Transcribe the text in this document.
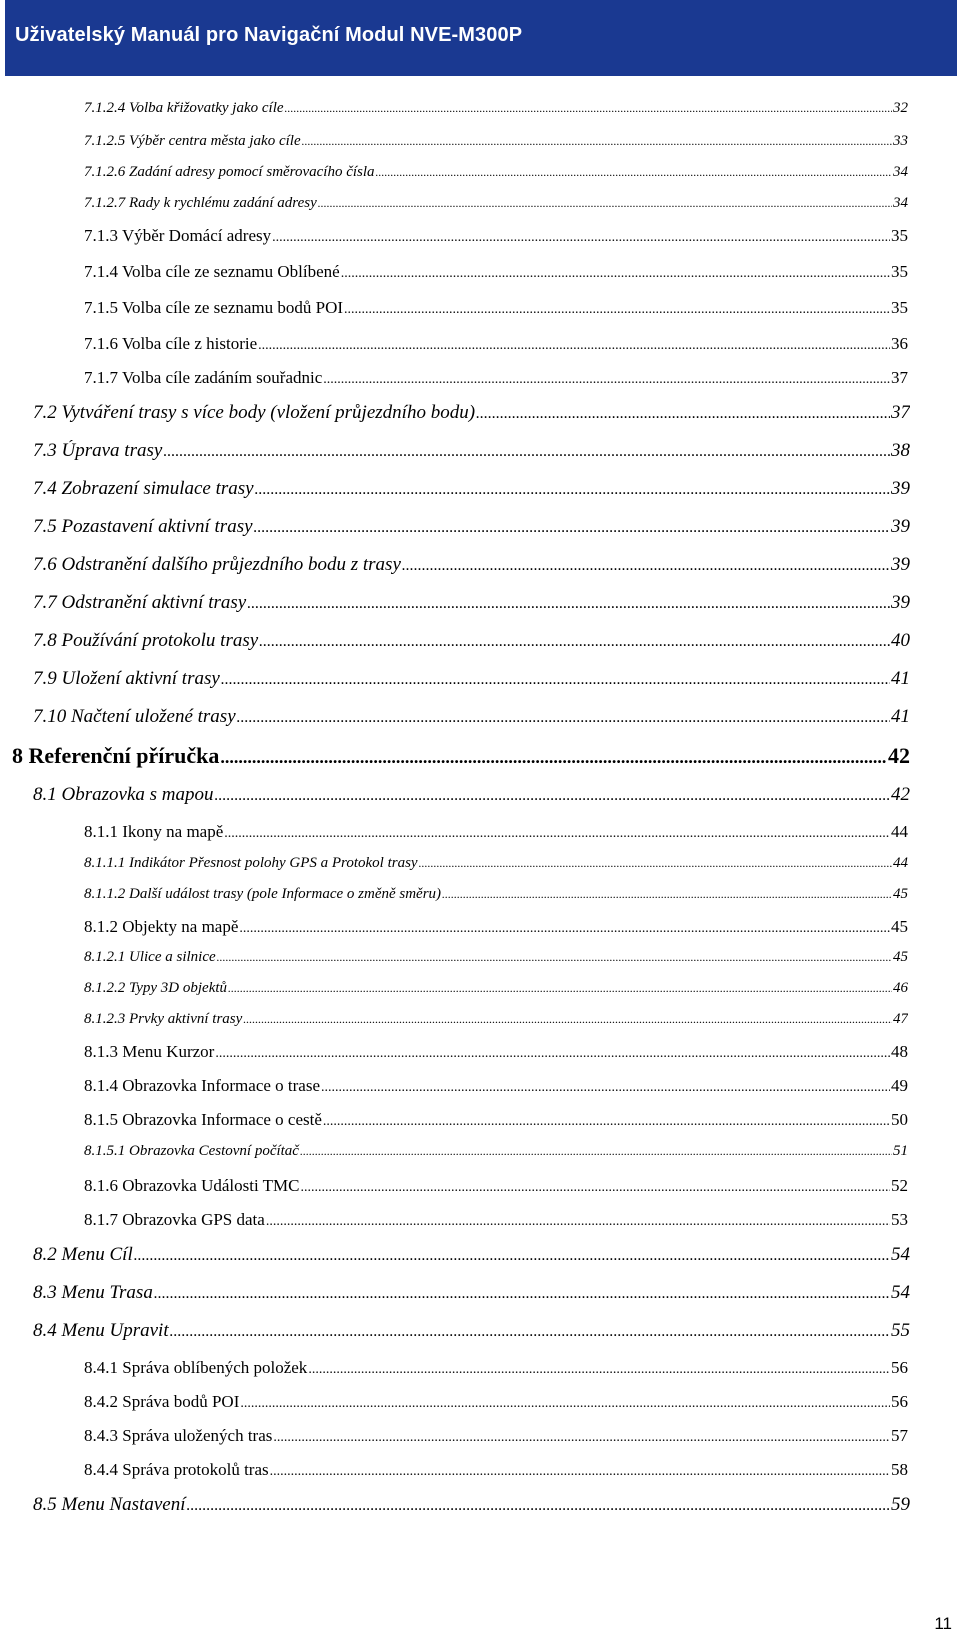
Uživatelský Manuál pro Navigační Modul NVE-M300P
7.1.2.4 Volba křižovatky jako cíle .....	32
7.1.2.5 Výběr centra města jako cíle .....	33
7.1.2.6 Zadání adresy pomocí směrovacího čísla .....	34
7.1.2.7 Rady k rychlému zadání adresy .....	34
7.1.3 Výběr Domácí adresy .....	35
7.1.4 Volba cíle ze seznamu Oblíbené .....	35
7.1.5 Volba cíle ze seznamu bodů POI .....	35
7.1.6 Volba cíle z historie .....	36
7.1.7 Volba cíle zadáním souřadnic .....	37
7.2 Vytváření trasy s více body (vložení průjezdního bodu) .....	37
7.3 Úprava trasy .....	38
7.4 Zobrazení simulace trasy .....	39
7.5 Pozastavení aktivní trasy .....	39
7.6 Odstranění dalšího průjezdního bodu z trasy .....	39
7.7 Odstranění aktivní trasy .....	39
7.8 Používání protokolu trasy .....	40
7.9 Uložení aktivní trasy .....	41
7.10 Načtení uložené trasy .....	41
8 Referenční příručka .....	42
8.1 Obrazovka s mapou .....	42
8.1.1 Ikony na mapě .....	44
8.1.1.1 Indikátor Přesnost polohy GPS a Protokol trasy .....	44
8.1.1.2 Další událost trasy (pole Informace o změně směru) .....	45
8.1.2 Objekty na mapě .....	45
8.1.2.1 Ulice a silnice .....	45
8.1.2.2 Typy 3D objektů .....	46
8.1.2.3 Prvky aktivní trasy .....	47
8.1.3 Menu Kurzor .....	48
8.1.4 Obrazovka Informace o trase .....	49
8.1.5 Obrazovka Informace o cestě .....	50
8.1.5.1 Obrazovka Cestovní počítač .....	51
8.1.6 Obrazovka Události TMC .....	52
8.1.7 Obrazovka GPS data .....	53
8.2 Menu Cíl .....	54
8.3 Menu Trasa .....	54
8.4 Menu Upravit .....	55
8.4.1 Správa oblíbených položek .....	56
8.4.2 Správa bodů POI .....	56
8.4.3 Správa uložených tras .....	57
8.4.4 Správa protokolů tras .....	58
8.5 Menu Nastavení .....	59
11
